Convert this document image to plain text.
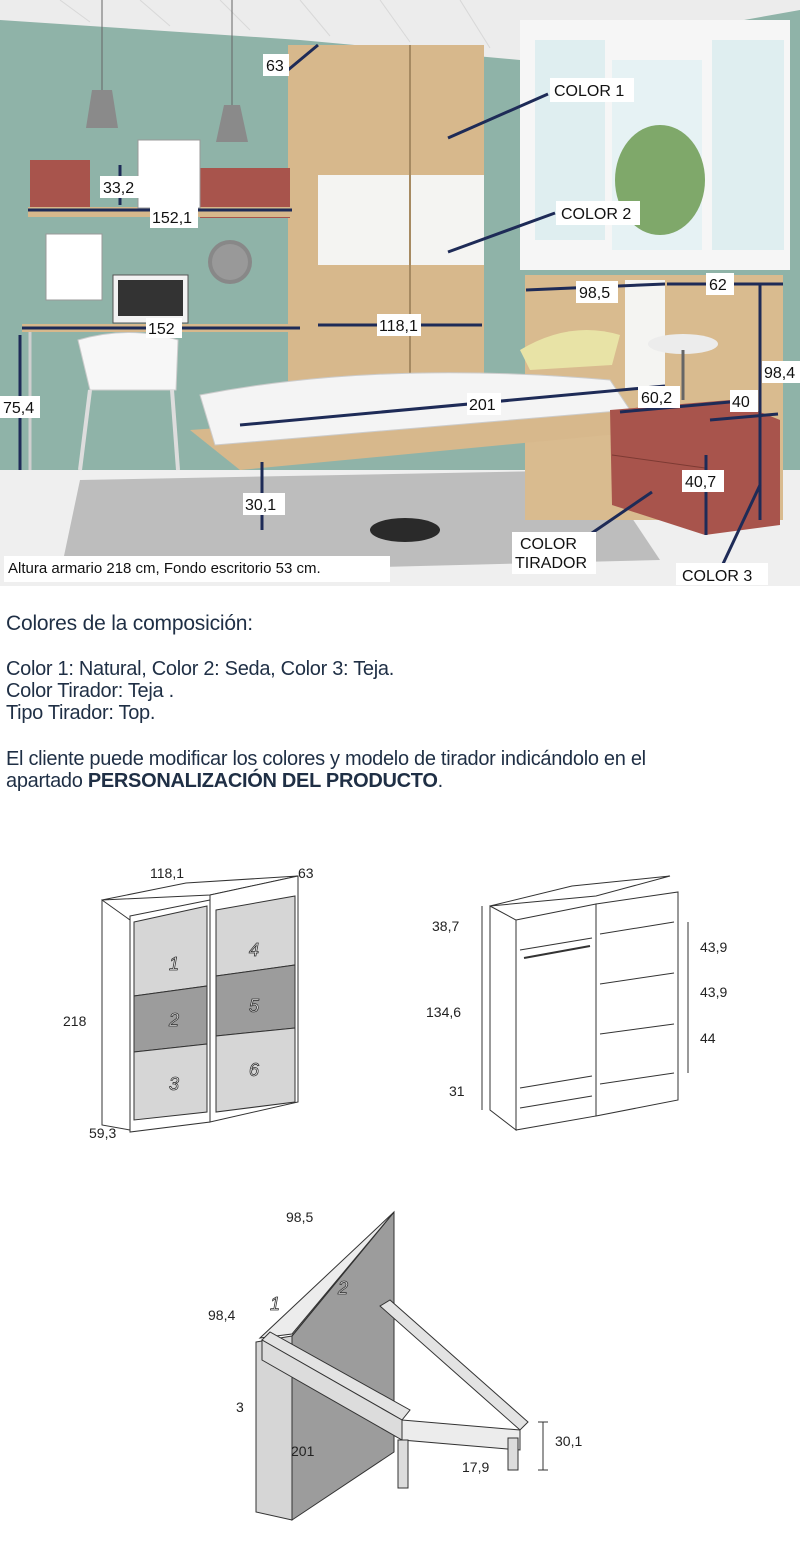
63
33,2
152,1
152	118,1
75,4	201
30,1
98,5	62
98,4
60,2	40
40,7
COLOR 1
COLOR 2
COLOR
TIRADOR
COLOR 3
Altura armario 218 cm, Fondo escritorio 53 cm.

Colores de la composición:

Color 1: Natural, Color 2: Seda, Color 3: Teja.

Color Tirador: Teja .

Tipo Tirador: Top.

El cliente puede modificar los colores y modelo de tirador indicándolo en el

apartado PERSONALIZACIÓN DEL PRODUCTO.

1
2
3
4
5
6
118,1	63
218
59,3
38,7
134,6
31
43,9
43,9
44
1
2
98,5
98,4
3
201
30,1
17,9
